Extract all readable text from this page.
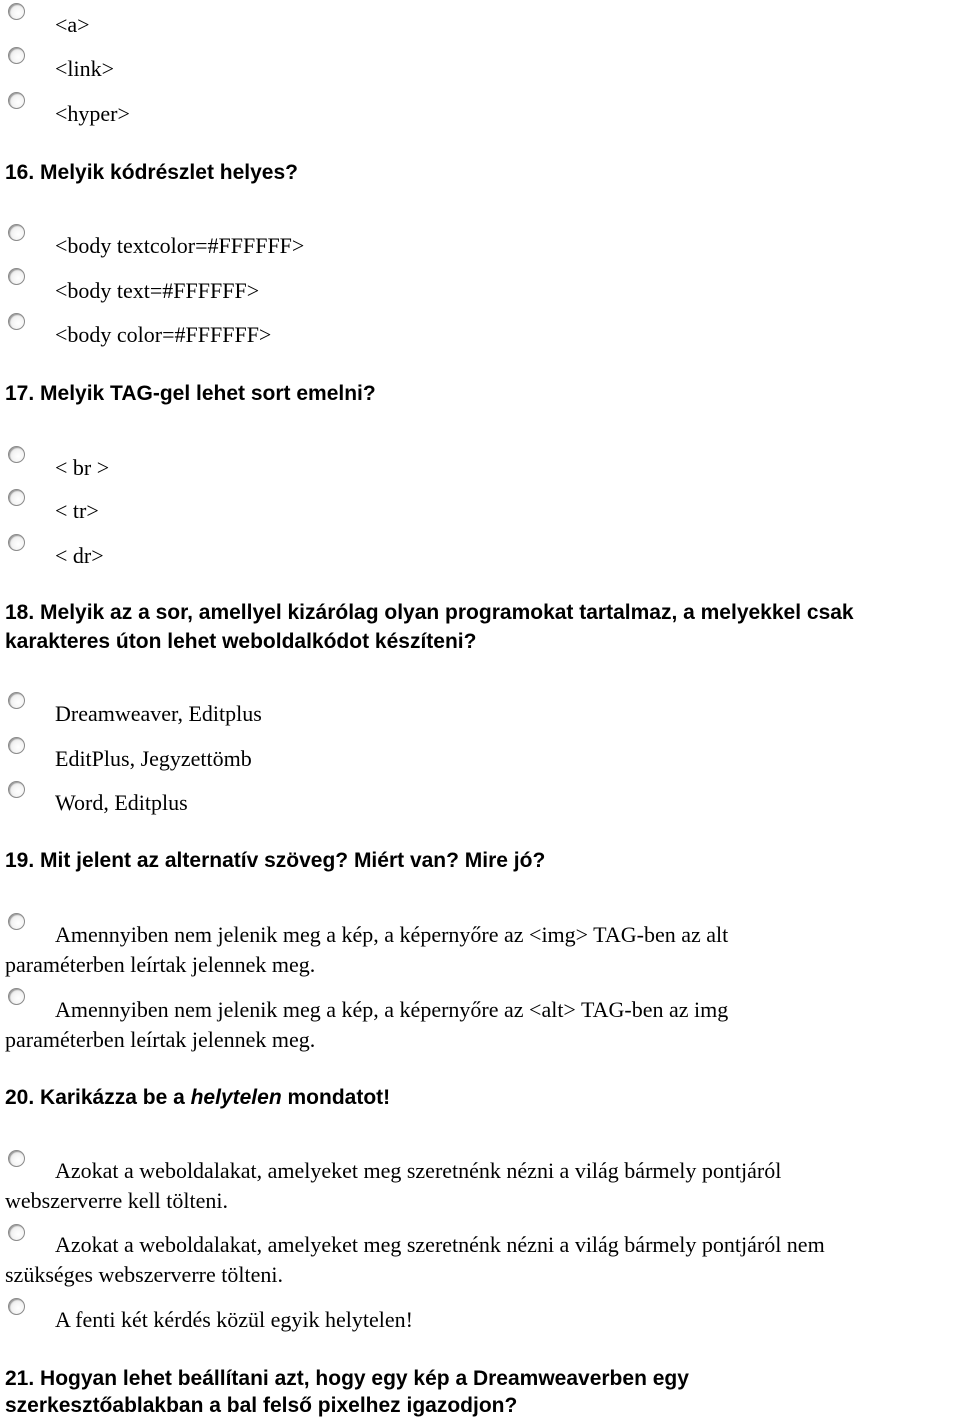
<a>
<link>
<hyper>
16. Melyik kódrészlet helyes?
<body textcolor=#FFFFFF>
<body text=#FFFFFF>
<body color=#FFFFFF>
17. Melyik TAG-gel lehet sort emelni?
< br >
< tr>
< dr>
18. Melyik az a sor, amellyel kizárólag olyan programokat tartalmaz, a melyekkel csak
karakteres úton lehet weboldalkódot készíteni?
Dreamweaver, Editplus
EditPlus, Jegyzettömb
Word, Editplus
19. Mit jelent az alternatív szöveg? Miért van? Mire jó?
Amennyiben nem jelenik meg a kép, a képernyőre az <img> TAG-ben az alt
paraméterben leírtak jelennek meg.
Amennyiben nem jelenik meg a kép, a képernyőre az <alt> TAG-ben az img
paraméterben leírtak jelennek meg.
20. Karikázza be a helytelen mondatot!
Azokat a weboldalakat, amelyeket meg szeretnénk nézni a világ bármely pontjáról
webszerverre kell tölteni.
Azokat a weboldalakat, amelyeket meg szeretnénk nézni a világ bármely pontjáról nem
szükséges webszerverre tölteni.
A fenti két kérdés közül egyik helytelen!
21. Hogyan lehet beállítani azt, hogy egy kép a Dreamweaverben egy
szerkesztőablakban a bal felső pixelhez igazodjon?
